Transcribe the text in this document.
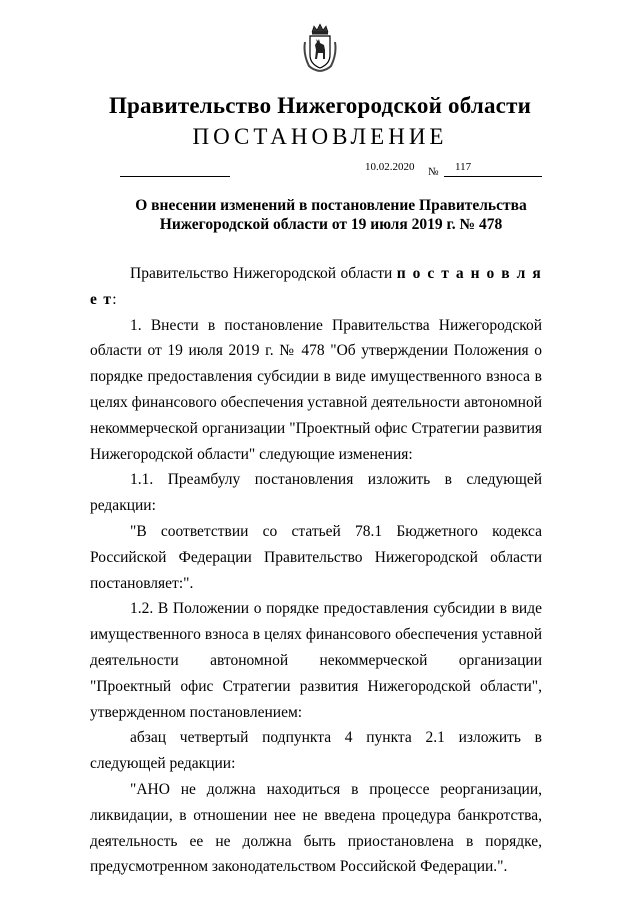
Правительство Нижегородской области
ПОСТАНОВЛЕНИЕ
10.02.2020 № 117
О внесении изменений в постановление Правительства
Нижегородской области от 19 июля 2019 г. № 478

Правительство Нижегородской области п о с т а н о в л я е т:

1. Внести в постановление Правительства Нижегородской области от 19 июля 2019 г. № 478 "Об утверждении Положения о порядке предоставления субсидии в виде имущественного взноса в целях финансового обеспечения уставной деятельности автономной некоммерческой организации "Проектный офис Стратегии развития Нижегородской области" следующие изменения:

1.1. Преамбулу постановления изложить в следующей редакции:

"В соответствии со статьей 78.1 Бюджетного кодекса Российской Федерации Правительство Нижегородской области постановляет:".

1.2. В Положении о порядке предоставления субсидии в виде имущественного взноса в целях финансового обеспечения уставной деятельности автономной некоммерческой организации "Проектный офис Стратегии развития Нижегородской области", утвержденном постановлением:

абзац четвертый подпункта 4 пункта 2.1 изложить в следующей редакции:

"АНО не должна находиться в процессе реорганизации, ликвидации, в отношении нее не введена процедура банкротства, деятельность ее не должна быть приостановлена в порядке, предусмотренном законодательством Российской Федерации.".
